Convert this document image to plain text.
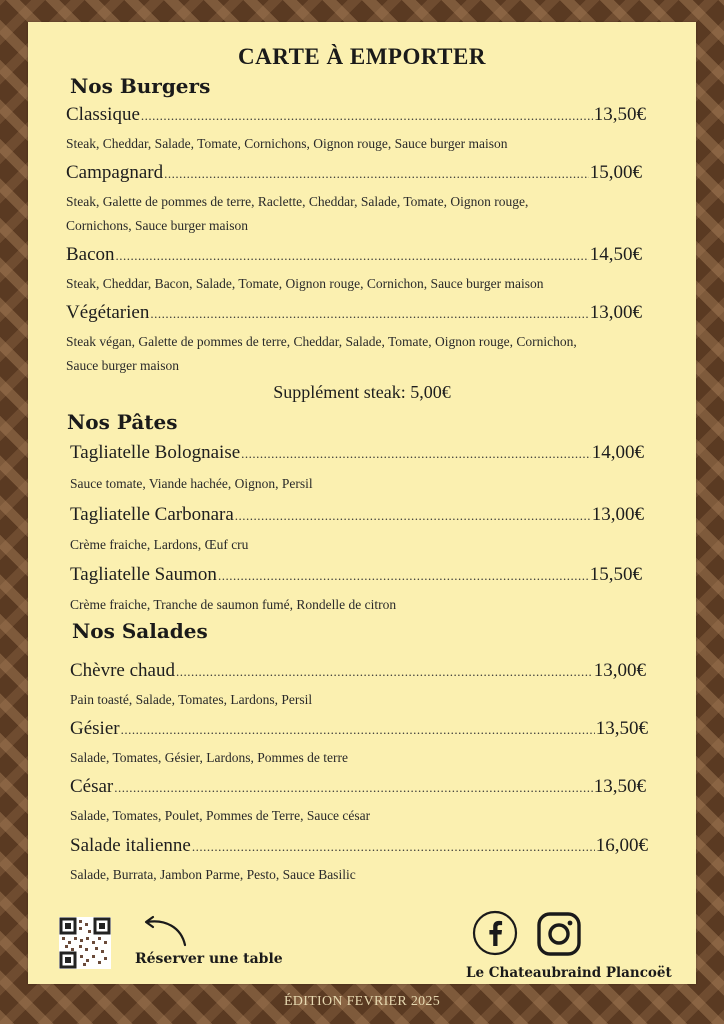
CARTE À EMPORTER
Nos Burgers
Classique .....	13,50€
Steak, Cheddar, Salade, Tomate, Cornichons, Oignon rouge, Sauce burger maison
Campagnard .....	15,00€
Steak, Galette de pommes de terre, Raclette, Cheddar, Salade, Tomate, Oignon rouge,
Cornichons, Sauce burger maison
Bacon .....	14,50€
Steak, Cheddar, Bacon, Salade, Tomate, Oignon rouge, Cornichon, Sauce burger maison
Végétarien .....	13,00€
Steak végan, Galette de pommes de terre, Cheddar, Salade, Tomate, Oignon rouge, Cornichon,
Sauce burger maison
Supplément steak: 5,00€
Nos Pâtes
Tagliatelle Bolognaise .....	14,00€
Sauce tomate, Viande hachée, Oignon, Persil
Tagliatelle Carbonara .....	13,00€
Crème fraiche, Lardons, Œuf cru
Tagliatelle Saumon .....	15,50€
Crème fraiche, Tranche de saumon fumé, Rondelle de citron
Nos Salades
Chèvre chaud .....	13,00€
Pain toasté, Salade, Tomates, Lardons, Persil
Gésier .....	13,50€
Salade, Tomates, Gésier, Lardons, Pommes de terre
César .....	13,50€
Salade, Tomates, Poulet, Pommes de Terre, Sauce césar
Salade italienne .....	16,00€
Salade, Burrata, Jambon Parme, Pesto, Sauce Basilic
Réserver une table
Le Chateaubraind Plancoët
ÉDITION FEVRIER 2025
